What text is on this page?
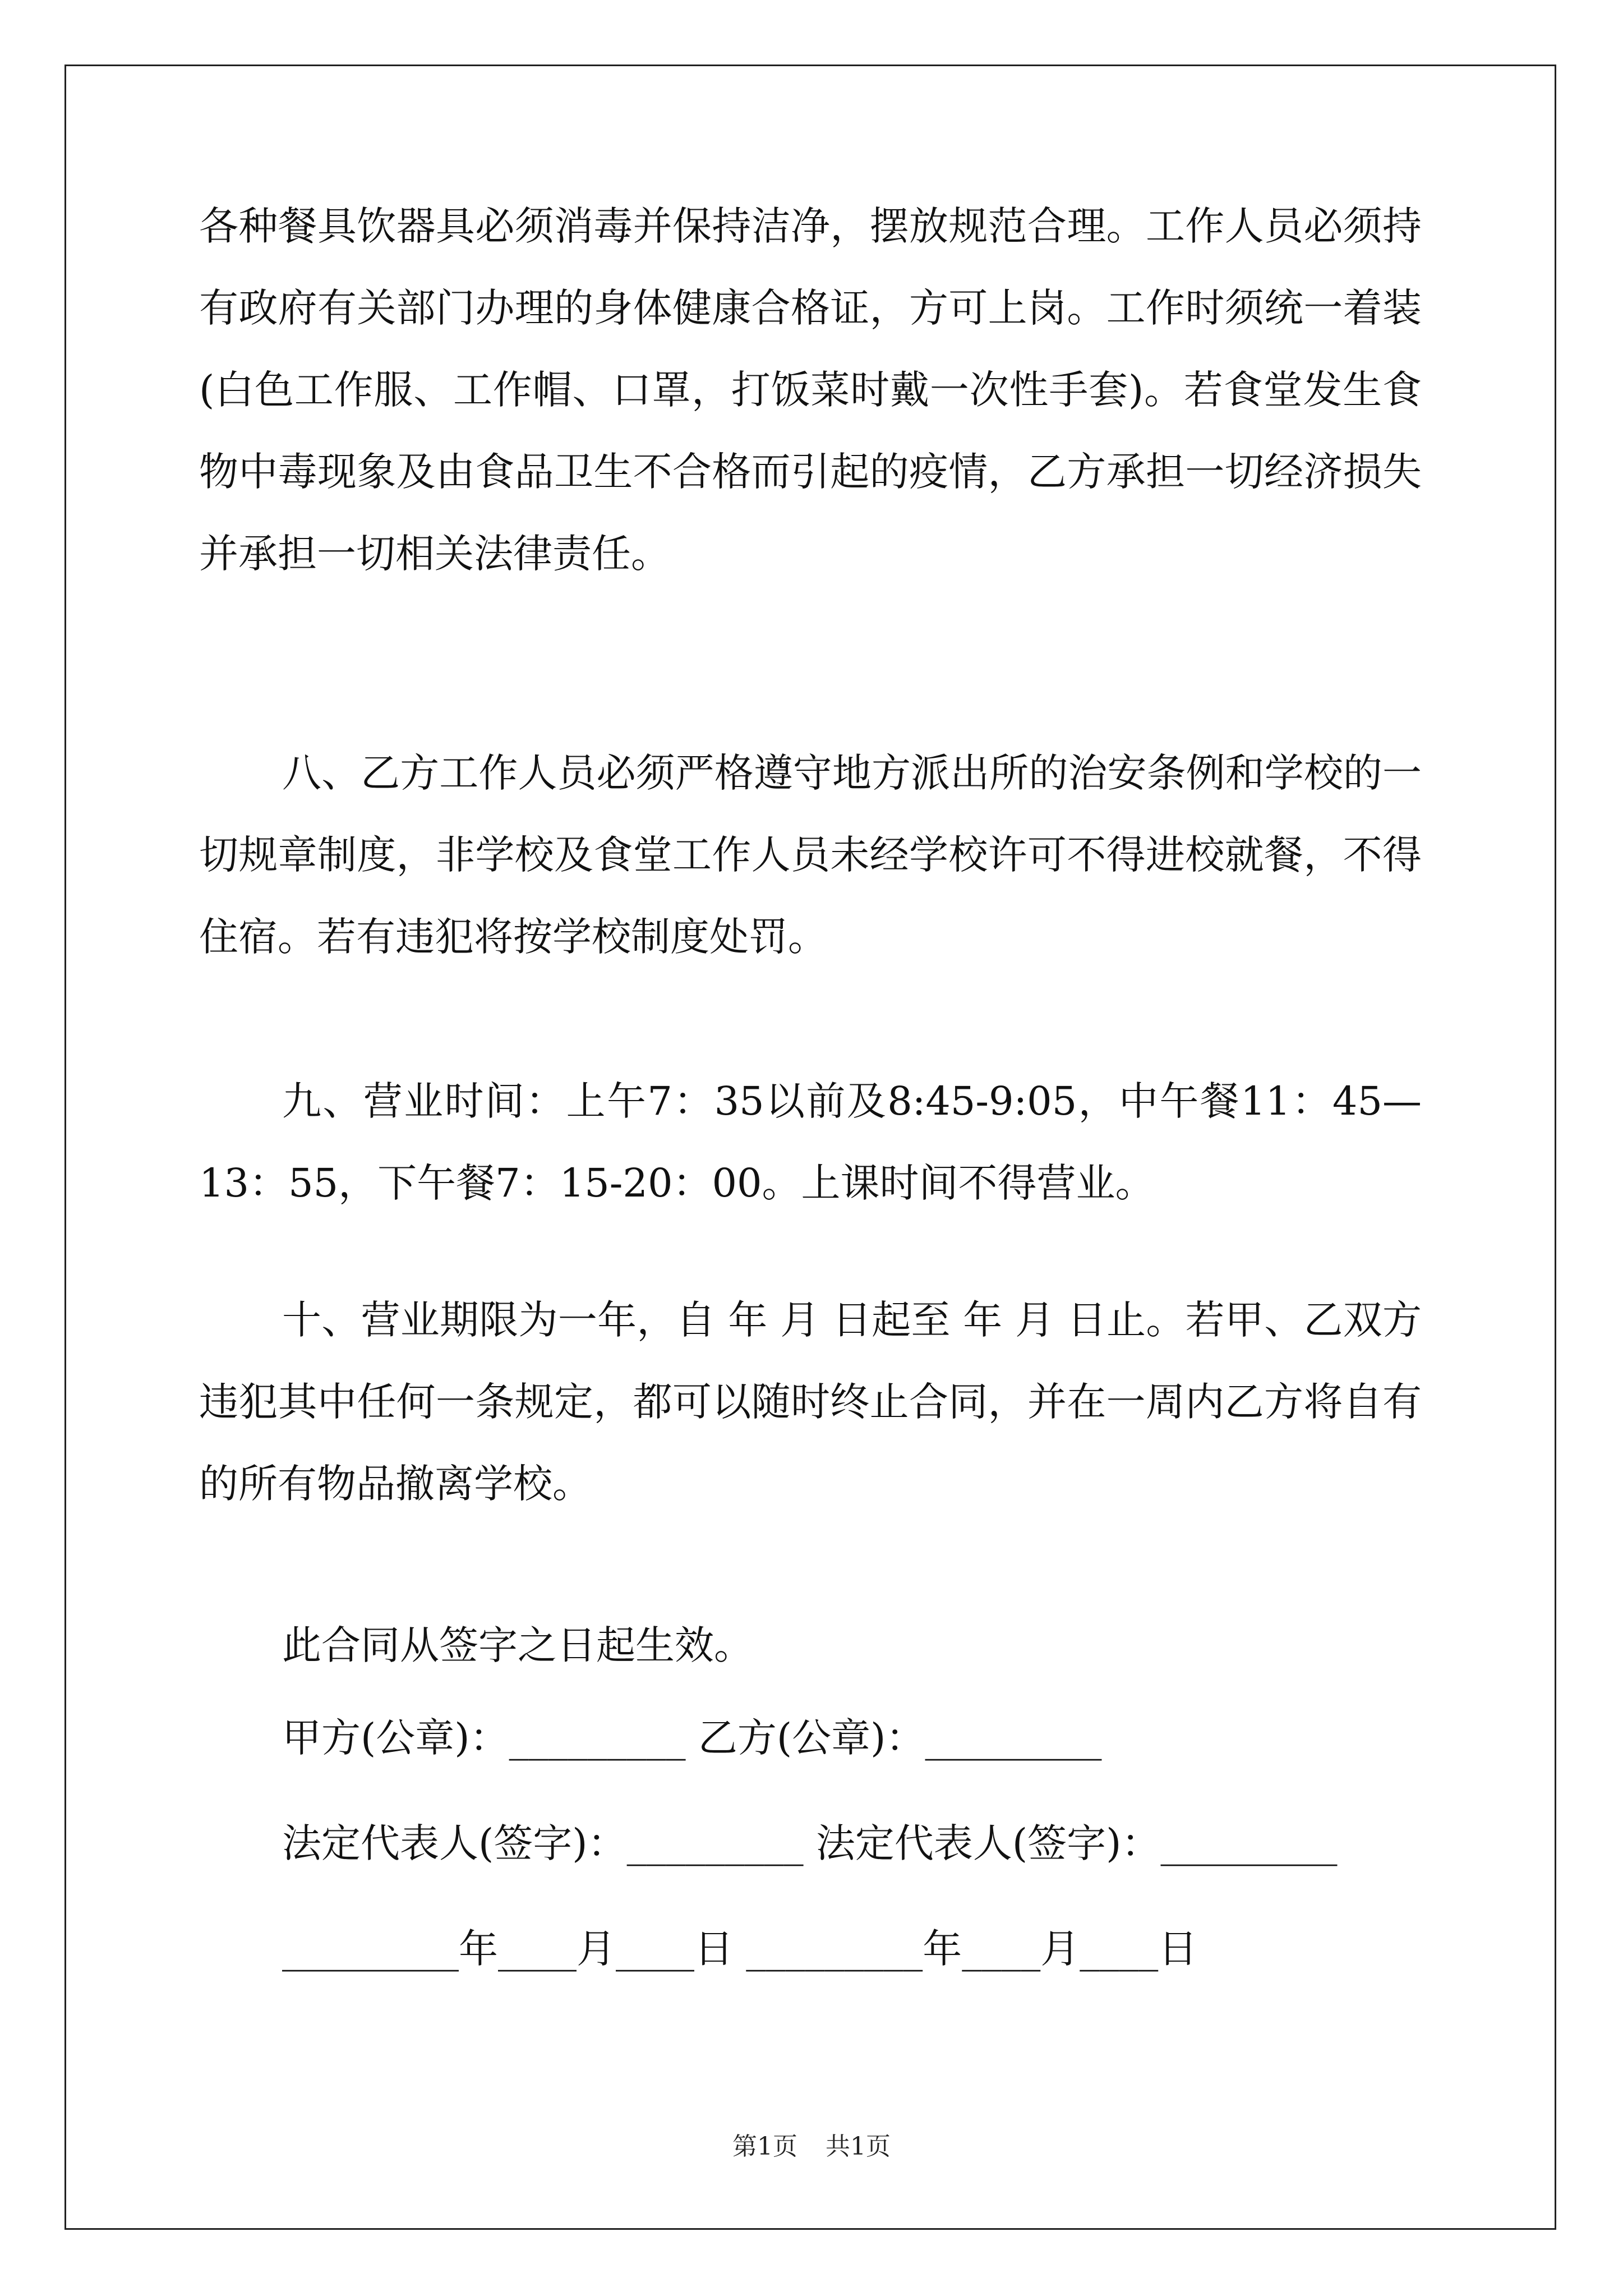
各种餐具饮器具必须消毒并保持洁净，摆放规范合理。工作人员必须持有政府有关部门办理的身体健康合格证，方可上岗。工作时须统一着装(白色工作服、工作帽、口罩，打饭菜时戴一次性手套)。若食堂发生食物中毒现象及由食品卫生不合格而引起的疫情，乙方承担一切经济损失并承担一切相关法律责任。

八、乙方工作人员必须严格遵守地方派出所的治安条例和学校的一切规章制度，非学校及食堂工作人员未经学校许可不得进校就餐，不得住宿。若有违犯将按学校制度处罚。

九、营业时间：上午7：35以前及8:45-9:05，中午餐11：45—13：55，下午餐7：15-20：00。上课时间不得营业。

十、营业期限为一年，自 年 月 日起至 年 月 日止。若甲、乙双方违犯其中任何一条规定，都可以随时终止合同，并在一周内乙方将自有的所有物品撤离学校。

此合同从签字之日起生效。

甲方(公章)：_________ 乙方(公章)：_________
法定代表人(签字)：_________ 法定代表人(签字)：_________
_________年____月____日 _________年____月____日
第1页 共1页
